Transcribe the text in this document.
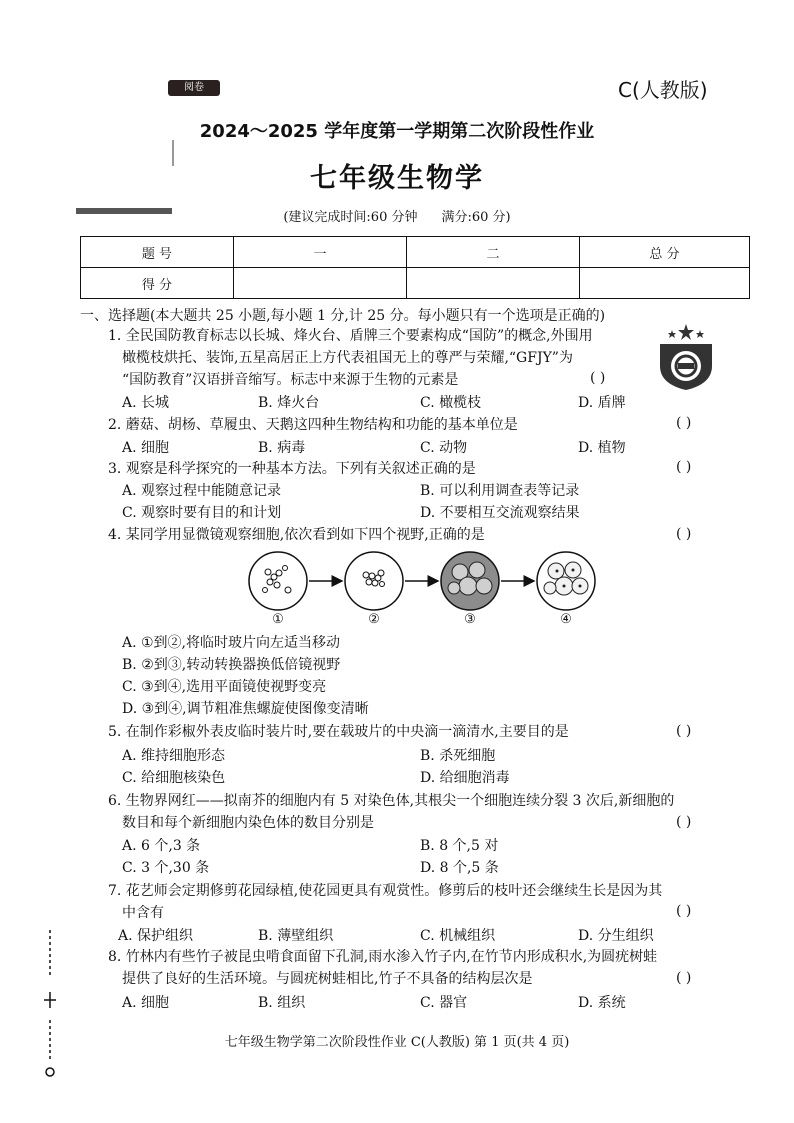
阅卷	C(人教版)
2024～2025 学年度第一学期第二次阶段性作业
七年级生物学
(建议完成时间:60 分钟 满分:60 分)
题 号	一	二	总 分
得 分			
一、选择题(本大题共 25 小题,每小题 1 分,计 25 分。每小题只有一个选项是正确的)
1. 全民国防教育标志以长城、烽火台、盾牌三个要素构成“国防”的概念,外围用
橄榄枝烘托、装饰,五星高居正上方代表祖国无上的尊严与荣耀,“GFJY”为
“国防教育”汉语拼音缩写。标志中来源于生物的元素是	( )
A. 长城	B. 烽火台	C. 橄榄枝	D. 盾牌
2. 蘑菇、胡杨、草履虫、天鹅这四种生物结构和功能的基本单位是	( )
A. 细胞	B. 病毒	C. 动物	D. 植物
3. 观察是科学探究的一种基本方法。下列有关叙述正确的是	( )
A. 观察过程中能随意记录	B. 可以利用调查表等记录
C. 观察时要有目的和计划	D. 不要相互交流观察结果
4. 某同学用显微镜观察细胞,依次看到如下四个视野,正确的是	( )
①	②	③	④
A. ①到②,将临时玻片向左适当移动
B. ②到③,转动转换器换低倍镜视野
C. ③到④,选用平面镜使视野变亮
D. ③到④,调节粗准焦螺旋使图像变清晰
5. 在制作彩椒外表皮临时装片时,要在载玻片的中央滴一滴清水,主要目的是	( )
A. 维持细胞形态	B. 杀死细胞
C. 给细胞核染色	D. 给细胞消毒
6. 生物界网红——拟南芥的细胞内有 5 对染色体,其根尖一个细胞连续分裂 3 次后,新细胞的
数目和每个新细胞内染色体的数目分别是	( )
A. 6 个,3 条	B. 8 个,5 对
C. 3 个,30 条	D. 8 个,5 条
7. 花艺师会定期修剪花园绿植,使花园更具有观赏性。修剪后的枝叶还会继续生长是因为其
中含有	( )
A. 保护组织	B. 薄壁组织	C. 机械组织	D. 分生组织
8. 竹林内有些竹子被昆虫啃食面留下孔洞,雨水渗入竹子内,在竹节内形成积水,为圆疣树蛙
提供了良好的生活环境。与圆疣树蛙相比,竹子不具备的结构层次是	( )
A. 细胞	B. 组织	C. 器官	D. 系统
七年级生物学第二次阶段性作业 C(人教版) 第 1 页(共 4 页)
